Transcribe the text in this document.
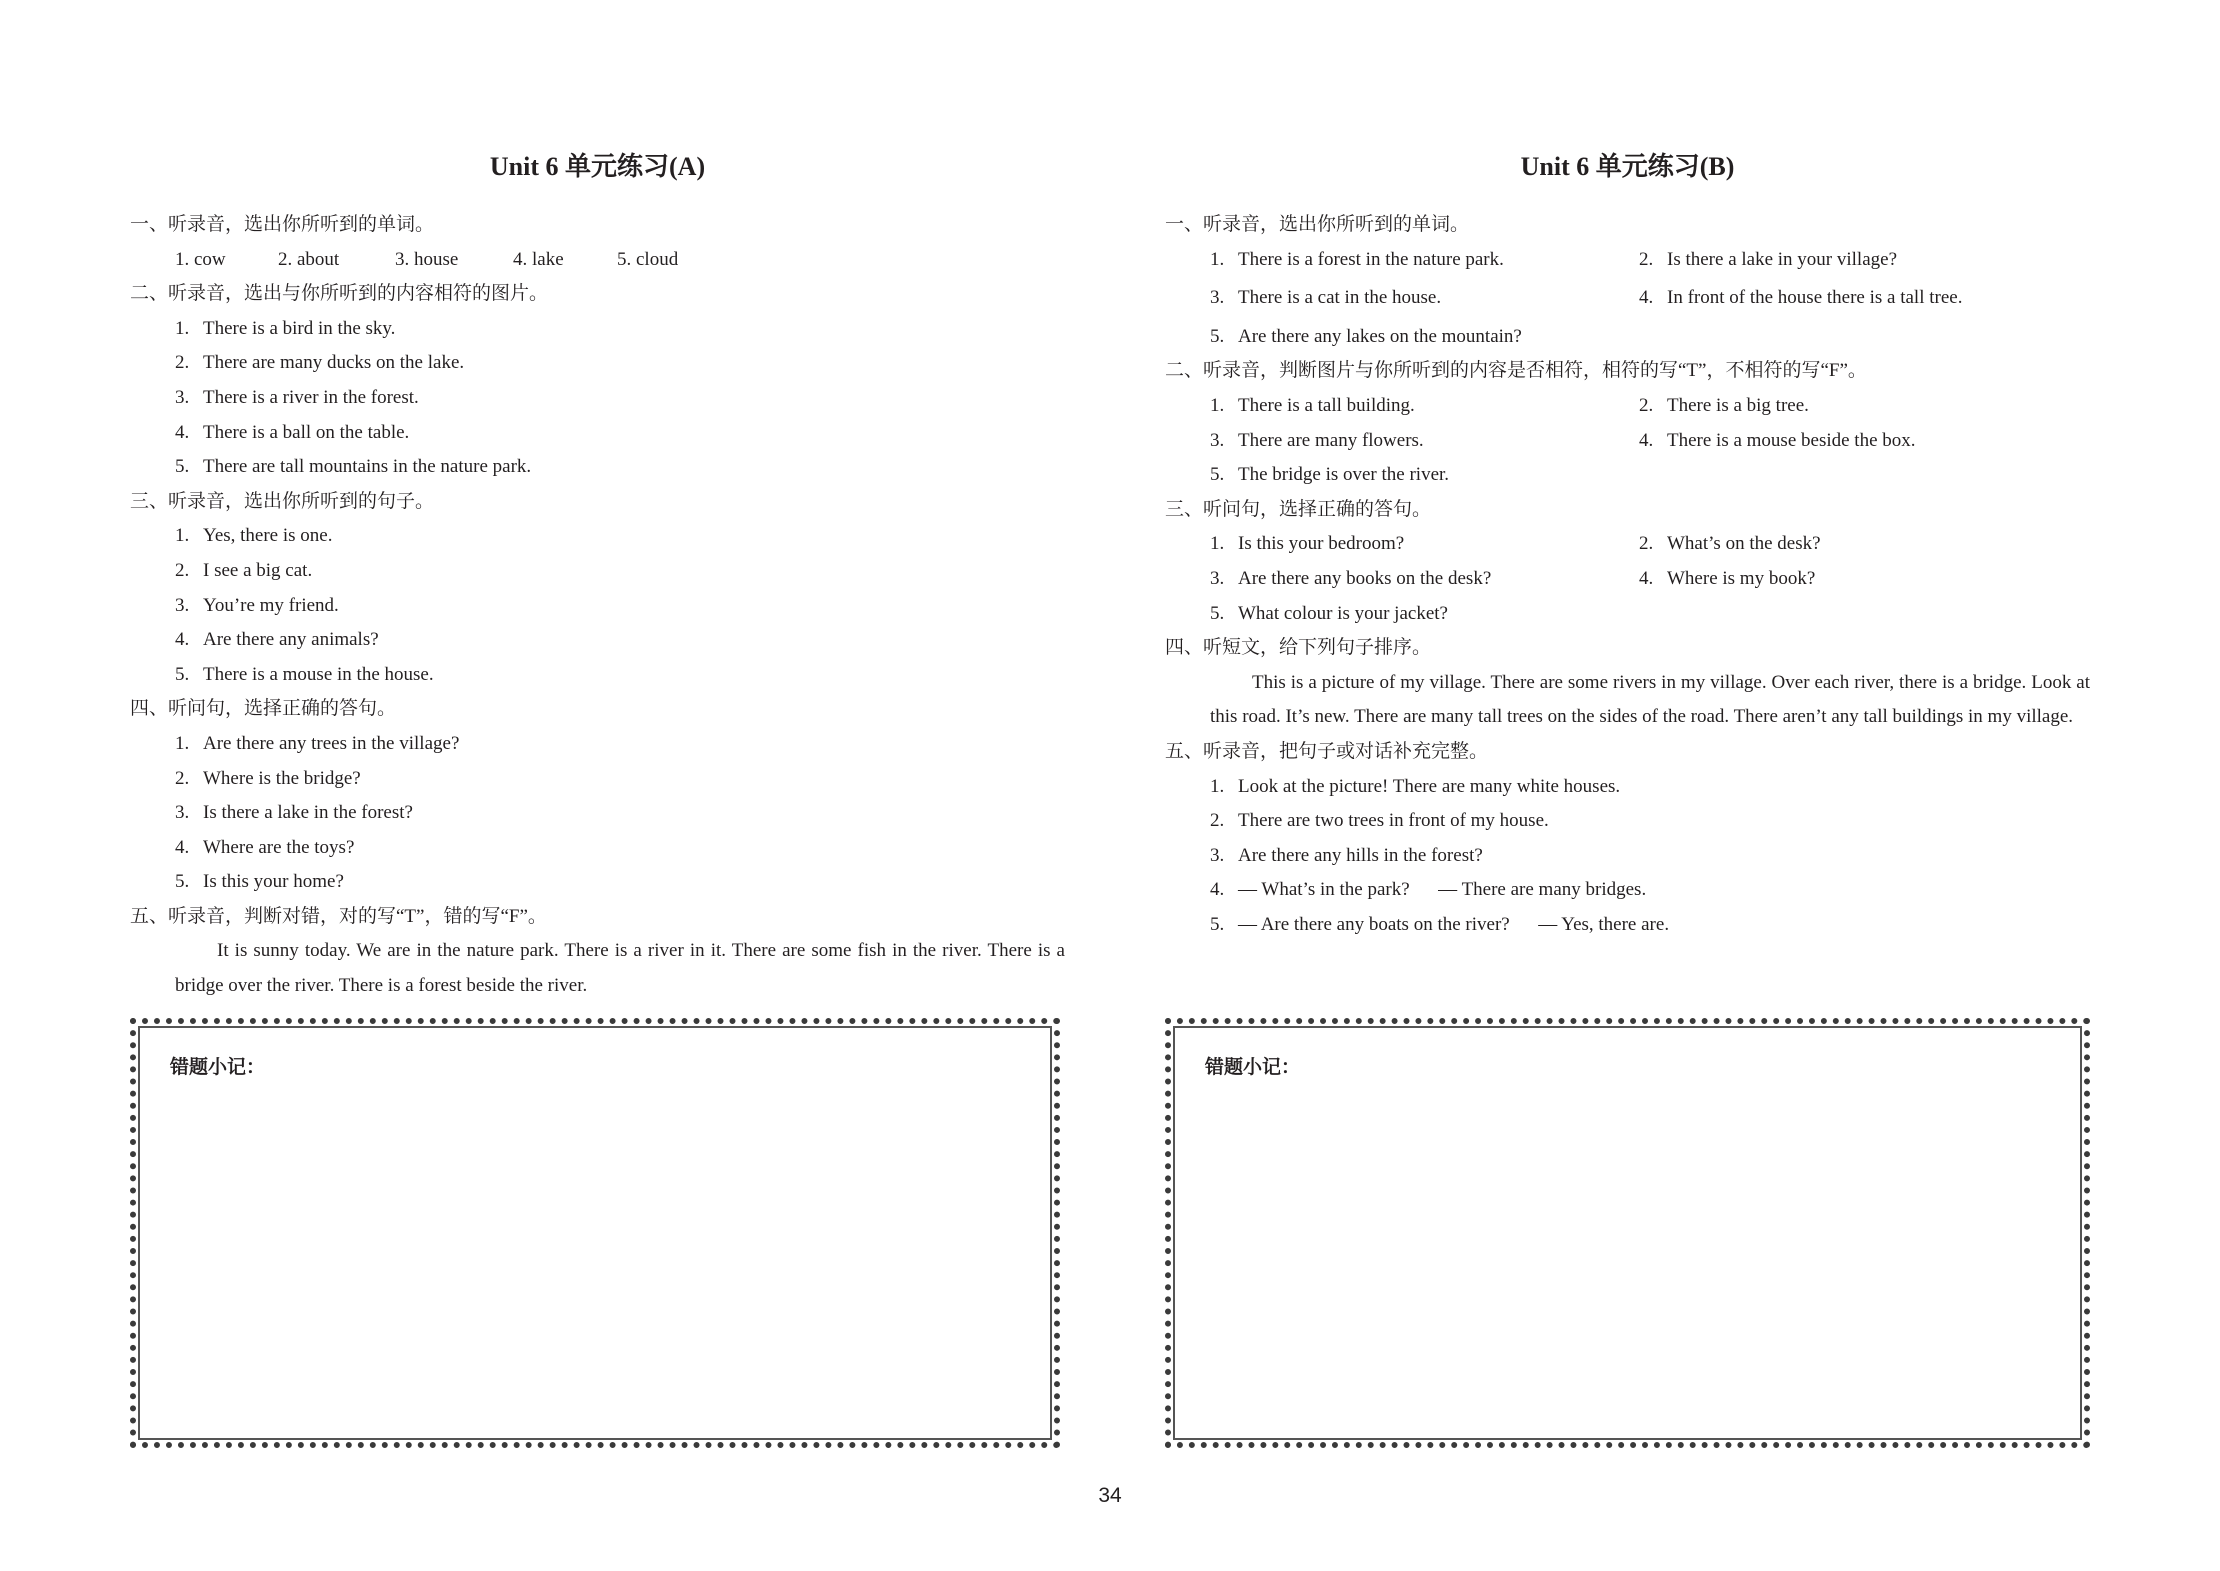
Unit 6 单元练习(A)
一、听录音，选出你所听到的单词。
1. cow	2. about	3. house	4. lake	5. cloud
二、听录音，选出与你所听到的内容相符的图片。
1. There is a bird in the sky.
2. There are many ducks on the lake.
3. There is a river in the forest.
4. There is a ball on the table.
5. There are tall mountains in the nature park.
三、听录音，选出你所听到的句子。
1. Yes, there is one.
2. I see a big cat.
3. You’re my friend.
4. Are there any animals?
5. There is a mouse in the house.
四、听问句，选择正确的答句。
1. Are there any trees in the village?
2. Where is the bridge?
3. Is there a lake in the forest?
4. Where are the toys?
5. Is this your home?
五、听录音，判断对错，对的写“T”，错的写“F”。
It is sunny today. We are in the nature park. There is a river in it. There are some fish in the river. There is a bridge over the river. There is a forest beside the river.
Unit 6 单元练习(B)
一、听录音，选出你所听到的单词。
1. There is a forest in the nature park.	2. Is there a lake in your village?
3. There is a cat in the house.	4. In front of the house there is a tall tree.
5. Are there any lakes on the mountain?
二、听录音，判断图片与你所听到的内容是否相符，相符的写“T”，不相符的写“F”。
1. There is a tall building.	2. There is a big tree.
3. There are many flowers.	4. There is a mouse beside the box.
5. The bridge is over the river.
三、听问句，选择正确的答句。
1. Is this your bedroom?	2. What’s on the desk?
3. Are there any books on the desk?	4. Where is my book?
5. What colour is your jacket?
四、听短文，给下列句子排序。
This is a picture of my village. There are some rivers in my village. Over each river, there is a bridge. Look at this road. It’s new. There are many tall trees on the sides of the road. There aren’t any tall buildings in my village.
五、听录音，把句子或对话补充完整。
1. Look at the picture! There are many white houses.
2. There are two trees in front of my house.
3. Are there any hills in the forest?
4. — What’s in the park?      — There are many bridges.
5. — Are there any boats on the river?      — Yes, there are.
错题小记：	错题小记：
34
